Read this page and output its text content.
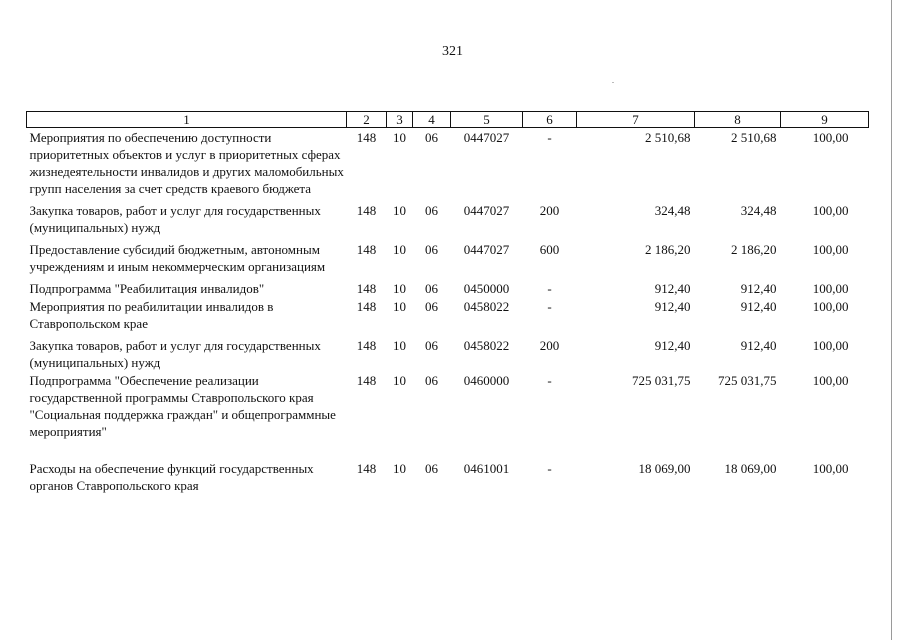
321
1	2	3	4	5	6	7	8	9
Мероприятия по обеспечению доступности приоритетных объектов и услуг в приоритетных сферах жизнедеятельности инвалидов и других маломобильных групп населения за счет средств краевого бюджета	148	10	06	0447027	-	2 510,68	2 510,68	100,00
Закупка товаров, работ и услуг для государственных (муниципальных) нужд	148	10	06	0447027	200	324,48	324,48	100,00
Предоставление субсидий бюджетным, автономным учреждениям и иным некоммерческим организациям	148	10	06	0447027	600	2 186,20	2 186,20	100,00
Подпрограмма "Реабилитация инвалидов"	148	10	06	0450000	-	912,40	912,40	100,00
Мероприятия по реабилитации инвалидов в Ставропольском крае	148	10	06	0458022	-	912,40	912,40	100,00
Закупка товаров, работ и услуг для государственных (муниципальных) нужд	148	10	06	0458022	200	912,40	912,40	100,00
Подпрограмма "Обеспечение реализации государственной программы Ставропольского края "Социальная поддержка граждан" и общепрограммные мероприятия"	148	10	06	0460000	-	725 031,75	725 031,75	100,00
Расходы на обеспечение функций государственных органов Ставропольского края	148	10	06	0461001	-	18 069,00	18 069,00	100,00
